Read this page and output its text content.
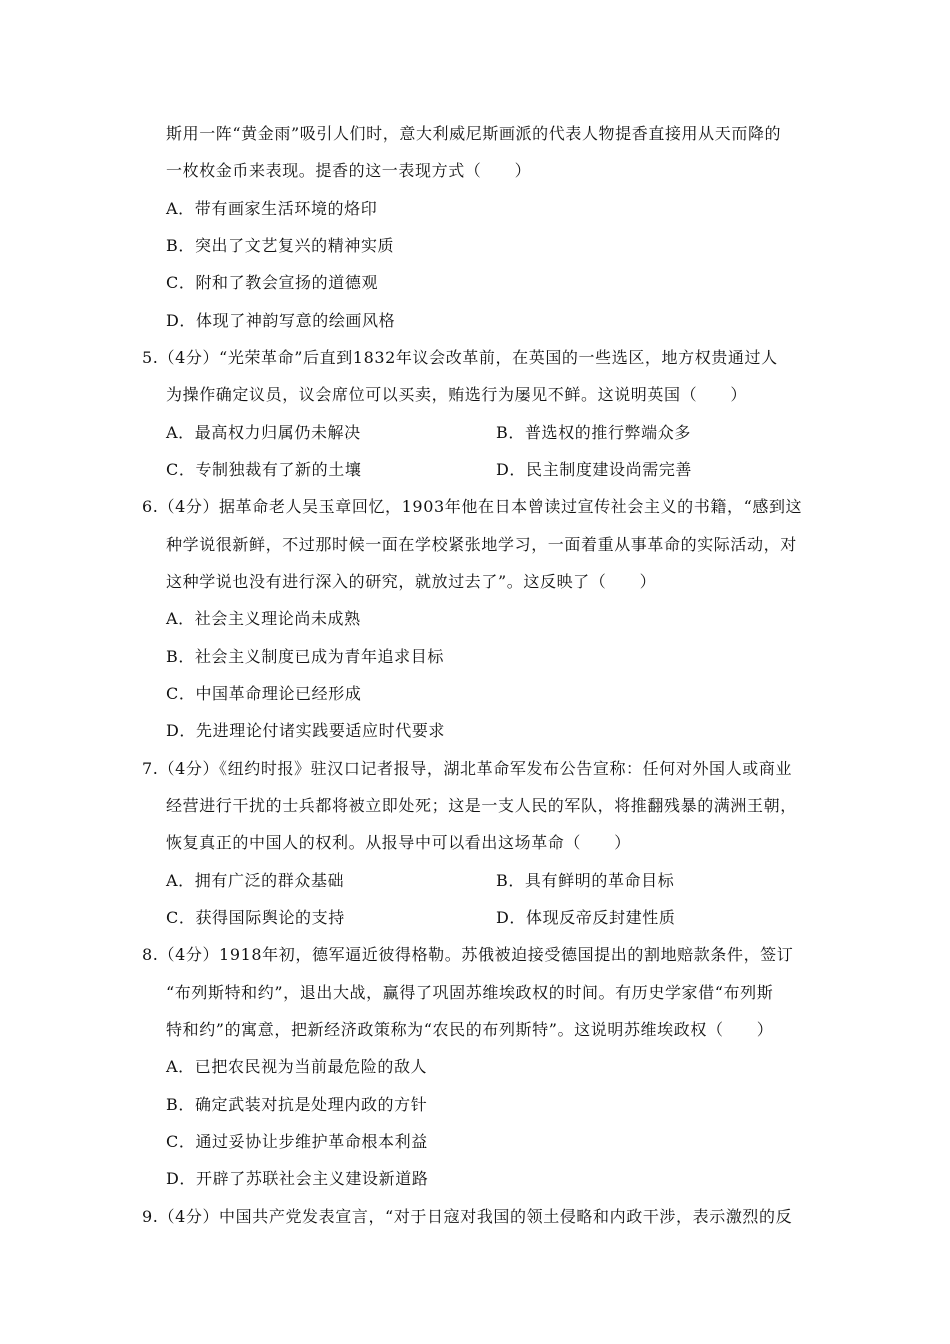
斯用一阵“黄金雨”吸引人们时，意大利威尼斯画派的代表人物提香直接用从天而降的
一枚枚金币来表现。提香的这一表现方式（　　）
A．带有画家生活环境的烙印
B．突出了文艺复兴的精神实质
C．附和了教会宣扬的道德观
D．体现了神韵写意的绘画风格
5.（4分）“光荣革命”后直到1832年议会改革前，在英国的一些选区，地方权贵通过人
为操作确定议员，议会席位可以买卖，贿选行为屡见不鲜。这说明英国（　　）
A．最高权力归属仍未解决	B．普选权的推行弊端众多
C．专制独裁有了新的土壤	D．民主制度建设尚需完善
6.（4分）据革命老人吴玉章回忆，1903年他在日本曾读过宣传社会主义的书籍，“感到这
种学说很新鲜，不过那时候一面在学校紧张地学习，一面着重从事革命的实际活动，对
这种学说也没有进行深入的研究，就放过去了”。这反映了（　　）
A．社会主义理论尚未成熟
B．社会主义制度已成为青年追求目标
C．中国革命理论已经形成
D．先进理论付诸实践要适应时代要求
7.（4分）《纽约时报》驻汉口记者报导，湖北革命军发布公告宣称：任何对外国人或商业
经营进行干扰的士兵都将被立即处死；这是一支人民的军队，将推翻残暴的满洲王朝，
恢复真正的中国人的权利。从报导中可以看出这场革命（　　）
A．拥有广泛的群众基础	B．具有鲜明的革命目标
C．获得国际舆论的支持	D．体现反帝反封建性质
8.（4分）1918年初，德军逼近彼得格勒。苏俄被迫接受德国提出的割地赔款条件，签订
“布列斯特和约”，退出大战，赢得了巩固苏维埃政权的时间。有历史学家借“布列斯
特和约”的寓意，把新经济政策称为“农民的布列斯特”。这说明苏维埃政权（　　）
A．已把农民视为当前最危险的敌人
B．确定武装对抗是处理内政的方针
C．通过妥协让步维护革命根本利益
D．开辟了苏联社会主义建设新道路
9.（4分）中国共产党发表宣言，“对于日寇对我国的领土侵略和内政干涉，表示激烈的反
